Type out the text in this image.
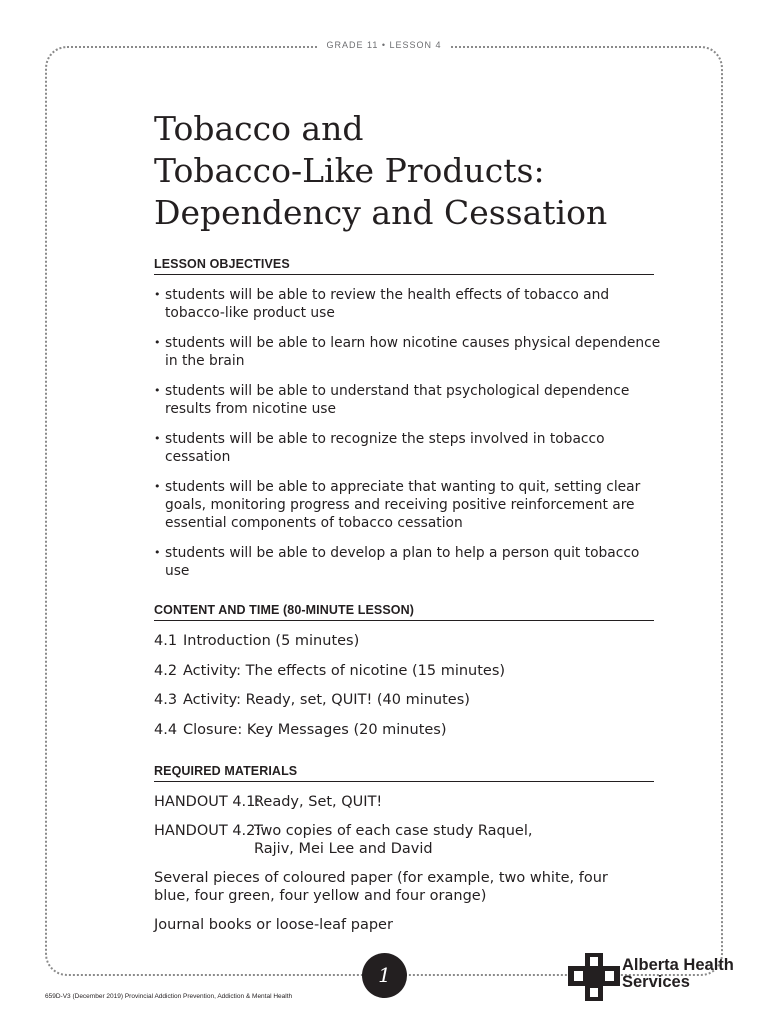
GRADE 11 • LESSON 4
Tobacco and
Tobacco-Like Products:
Dependency and Cessation
LESSON OBJECTIVES
• students will be able to review the health effects of tobacco and tobacco-like product use
• students will be able to learn how nicotine causes physical dependence in the brain
• students will be able to understand that psychological dependence results from nicotine use
• students will be able to recognize the steps involved in tobacco cessation
• students will be able to appreciate that wanting to quit, setting clear goals, monitoring progress and receiving positive reinforcement are essential components of tobacco cessation
• students will be able to develop a plan to help a person quit tobacco use
CONTENT AND TIME (80-MINUTE LESSON)
4.1 Introduction (5 minutes)
4.2 Activity: The effects of nicotine (15 minutes)
4.3 Activity: Ready, set, QUIT! (40 minutes)
4.4 Closure: Key Messages (20 minutes)
REQUIRED MATERIALS
HANDOUT 4.1:
Ready, Set, QUIT!
HANDOUT 4.2:
Two copies of each case study Raquel, Rajiv, Mei Lee and David
Several pieces of coloured paper (for example, two white, four blue, four green, four yellow and four orange)
Journal books or loose-leaf paper
1
659D-V3 (December 2019) Provincial Addiction Prevention, Addiction & Mental Health
Alberta Health
Services
